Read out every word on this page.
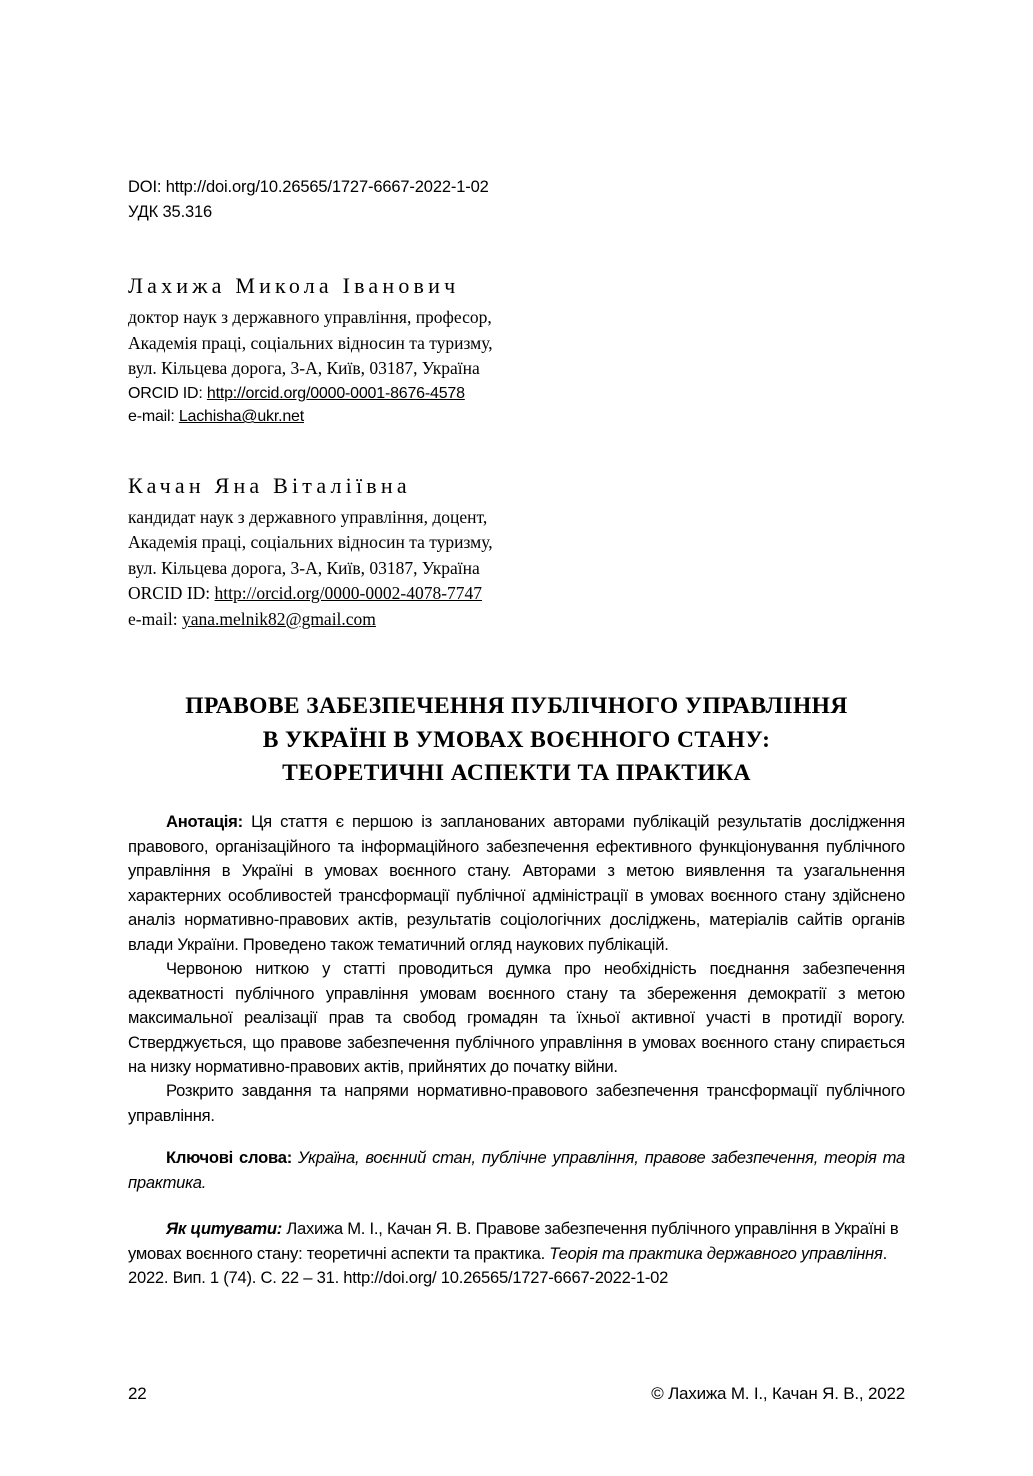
DOI: http://doi.org/10.26565/1727-6667-2022-1-02
УДК 35.316
Лахижа Микола Іванович
доктор наук з державного управління, професор,
Академія праці, соціальних відносин та туризму,
вул. Кільцева дорога, 3-А, Київ, 03187, Україна
ORCID ID: http://orcid.org/0000-0001-8676-4578
e-mail: Lachisha@ukr.net
Качан Яна Віталіївна
кандидат наук з державного управління, доцент,
Академія праці, соціальних відносин та туризму,
вул. Кільцева дорога, 3-А, Київ, 03187, Україна
ORCID ID: http://orcid.org/0000-0002-4078-7747
e-mail: yana.melnik82@gmail.com
ПРАВОВЕ ЗАБЕЗПЕЧЕННЯ ПУБЛІЧНОГО УПРАВЛІННЯ
В УКРАЇНІ В УМОВАХ ВОЄННОГО СТАНУ:
ТЕОРЕТИЧНІ АСПЕКТИ ТА ПРАКТИКА

Анотація: Ця стаття є першою із запланованих авторами публікацій результатів дослідження правового, організаційного та інформаційного забезпечення ефективного функціонування публічного управління в Україні в умовах воєнного стану. Авторами з метою виявлення та узагальнення характерних особливостей трансформації публічної адміністрації в умовах воєнного стану здійснено аналіз нормативно-правових актів, результатів соціологічних досліджень, матеріалів сайтів органів влади України. Проведено також тематичний огляд наукових публікацій.

Червоною ниткою у статті проводиться думка про необхідність поєднання забезпечення адекватності публічного управління умовам воєнного стану та збереження демократії з метою максимальної реалізації прав та свобод громадян та їхньої активної участі в протидії ворогу. Стверджується, що правове забезпечення публічного управління в умовах воєнного стану спирається на низку нормативно-правових актів, прийнятих до початку війни.

Розкрито завдання та напрями нормативно-правового забезпечення трансформації публічного управління.

Ключові слова: Україна, воєнний стан, публічне управління, правове забезпечення, теорія та практика.
Як цитувати: Лахижа М. І., Качан Я. В. Правове забезпечення публічного управління в Україні в умовах воєнного стану: теоретичні аспекти та практика. Теорія та практика державного управління. 2022. Вип. 1 (74). С. 22 – 31. http://doi.org/ 10.26565/1727-6667-2022-1-02
22	© Лахижа М. І., Качан Я. В., 2022
